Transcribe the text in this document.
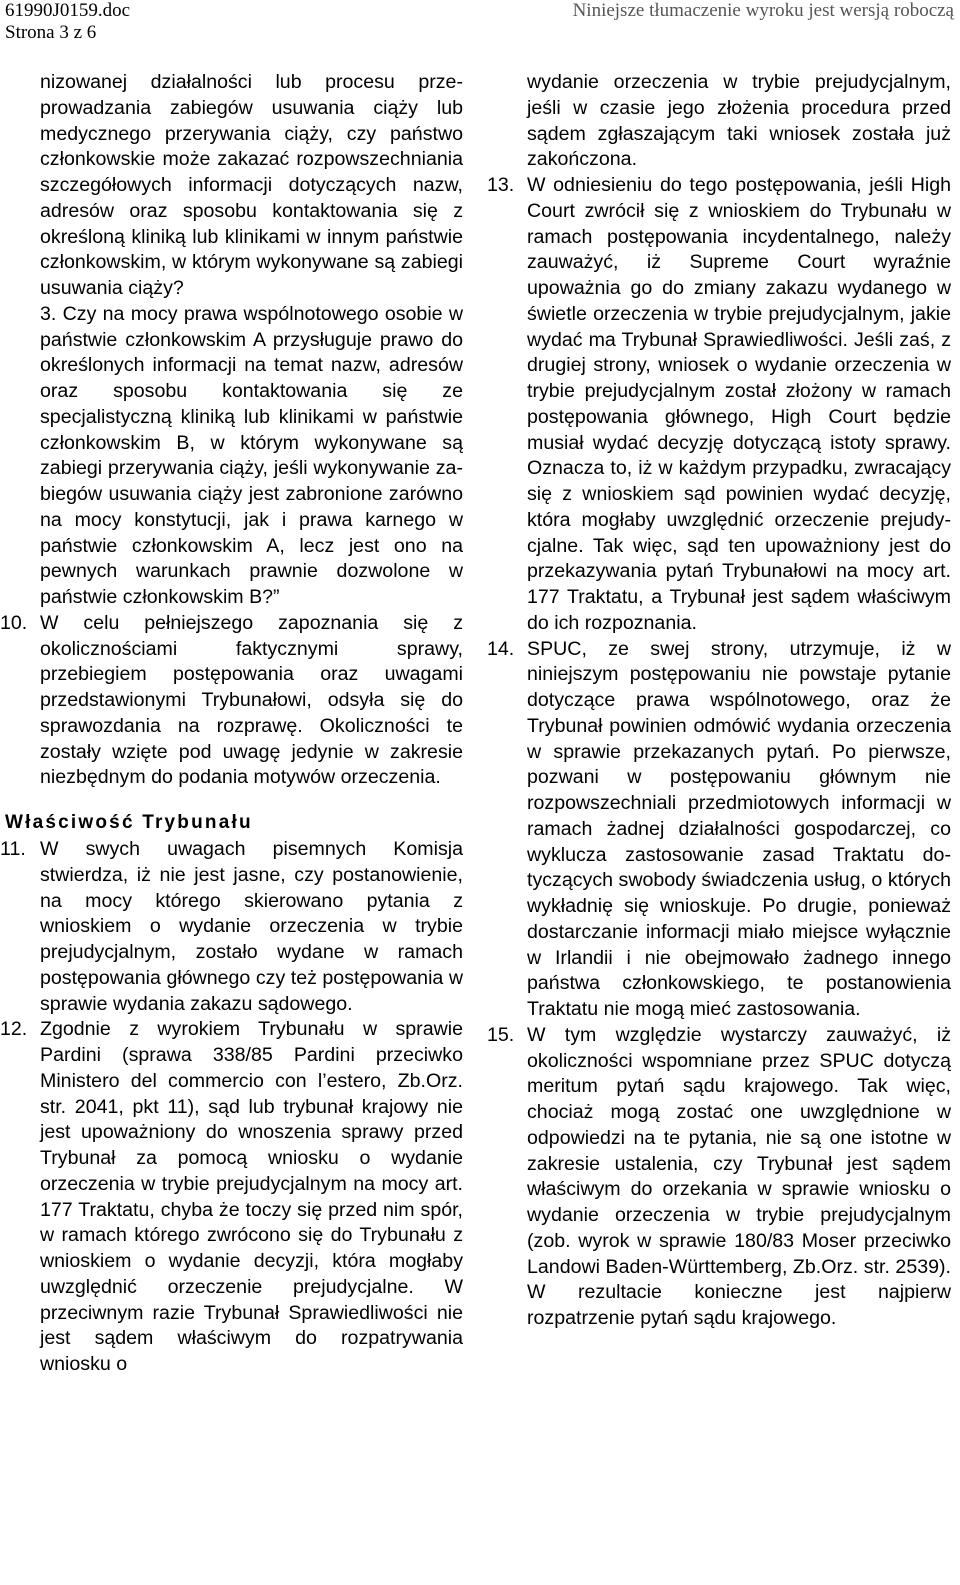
61990J0159.doc
Strona 3 z 6
Niniejsze tłumaczenie wyroku jest wersją roboczą

nizowanej działalności lub procesu przeprowadzania zabiegów usuwania ciąży lub medycznego przerywania ciąży, czy państwo członkowskie może zakazać rozpowszechniania szczegółowych informacji dotyczących nazw, adresów oraz sposobu kontaktowania się z określoną kliniką lub klinikami w innym państwie członkowskim, w którym wykonywane są zabiegi usuwania ciąży?

3. Czy na mocy prawa wspólnotowego osobie w państwie członkowskim A przysługuje prawo do określonych informacji na temat nazw, adresów oraz sposobu kontaktowania się ze specjalistyczną kliniką lub klinikami w państwie członkowskim B, w którym wykonywane są zabiegi przerywania ciąży, jeśli wykonywanie zabiegów usuwania ciąży jest zabronione zarówno na mocy konstytucji, jak i prawa karnego w państwie członkowskim A, lecz jest ono na pewnych warunkach prawnie dozwolone w państwie członkowskim B?”

10. W celu pełniejszego zapoznania się z okolicznościami faktycznymi sprawy, przebiegiem postępowania oraz uwagami przedstawionymi Trybunałowi, odsyła się do sprawozdania na rozprawę. Okoliczności te zostały wzięte pod uwagę jedynie w zakresie niezbędnym do podania motywów orzeczenia.
Właściwość Trybunału
11. W swych uwagach pisemnych Komisja stwierdza, iż nie jest jasne, czy postanowienie, na mocy którego skierowano pytania z wnioskiem o wydanie orzeczenia w trybie prejudycjalnym, zostało wydane w ramach postępowania głównego czy też postępowania w sprawie wydania zakazu sądowego.
12. Zgodnie z wyrokiem Trybunału w sprawie Pardini (sprawa 338/85 Pardini przeciwko Ministero del commercio con l’estero, Zb.Orz. str. 2041, pkt 11), sąd lub trybunał krajowy nie jest upoważniony do wnoszenia sprawy przed Trybunał za pomocą wniosku o wydanie orzeczenia w trybie prejudycjalnym na mocy art. 177 Traktatu, chyba że toczy się przed nim spór, w ramach którego zwrócono się do Trybunału z wnioskiem o wydanie decyzji, która mogłaby uwzględnić orzeczenie prejudycjalne. W przeciwnym razie Trybunał Sprawiedliwości nie jest sądem właściwym do rozpatrywania wniosku o

wydanie orzeczenia w trybie prejudycjalnym, jeśli w czasie jego złożenia procedura przed sądem zgłaszającym taki wniosek została już zakończona.

13. W odniesieniu do tego postępowania, jeśli High Court zwrócił się z wnioskiem do Trybunału w ramach postępowania incydentalnego, należy zauważyć, iż Supreme Court wyraźnie upoważnia go do zmiany zakazu wydanego w świetle orzeczenia w trybie prejudycjalnym, jakie wydać ma Trybunał Sprawiedliwości. Jeśli zaś, z drugiej strony, wniosek o wydanie orzeczenia w trybie prejudycjalnym został złożony w ramach postępowania głównego, High Court będzie musiał wydać decyzję dotyczącą istoty sprawy. Oznacza to, iż w każdym przypadku, zwracający się z wnioskiem sąd powinien wydać decyzję, która mogłaby uwzględnić orzeczenie prejudycjalne. Tak więc, sąd ten upoważniony jest do przekazywania pytań Trybunałowi na mocy art. 177 Traktatu, a Trybunał jest sądem właściwym do ich rozpoznania.
14. SPUC, ze swej strony, utrzymuje, iż w niniejszym postępowaniu nie powstaje pytanie dotyczące prawa wspólnotowego, oraz że Trybunał powinien odmówić wydania orzeczenia w sprawie przekazanych pytań. Po pierwsze, pozwani w postępowaniu głównym nie rozpowszechniali przedmiotowych informacji w ramach żadnej działalności gospodarczej, co wyklucza zastosowanie zasad Traktatu dotyczących swobody świadczenia usług, o których wykładnię się wnioskuje. Po drugie, ponieważ dostarczanie informacji miało miejsce wyłącznie w Irlandii i nie obejmowało żadnego innego państwa członkowskiego, te postanowienia Traktatu nie mogą mieć zastosowania.
15. W tym względzie wystarczy zauważyć, iż okoliczności wspomniane przez SPUC dotyczą meritum pytań sądu krajowego. Tak więc, chociaż mogą zostać one uwzględnione w odpowiedzi na te pytania, nie są one istotne w zakresie ustalenia, czy Trybunał jest sądem właściwym do orzekania w sprawie wniosku o wydanie orzeczenia w trybie prejudycjalnym (zob. wyrok w sprawie 180/83 Moser przeciwko Landowi Baden-Württemberg, Zb.Orz. str. 2539). W rezultacie konieczne jest najpierw rozpatrzenie pytań sądu krajowego.
